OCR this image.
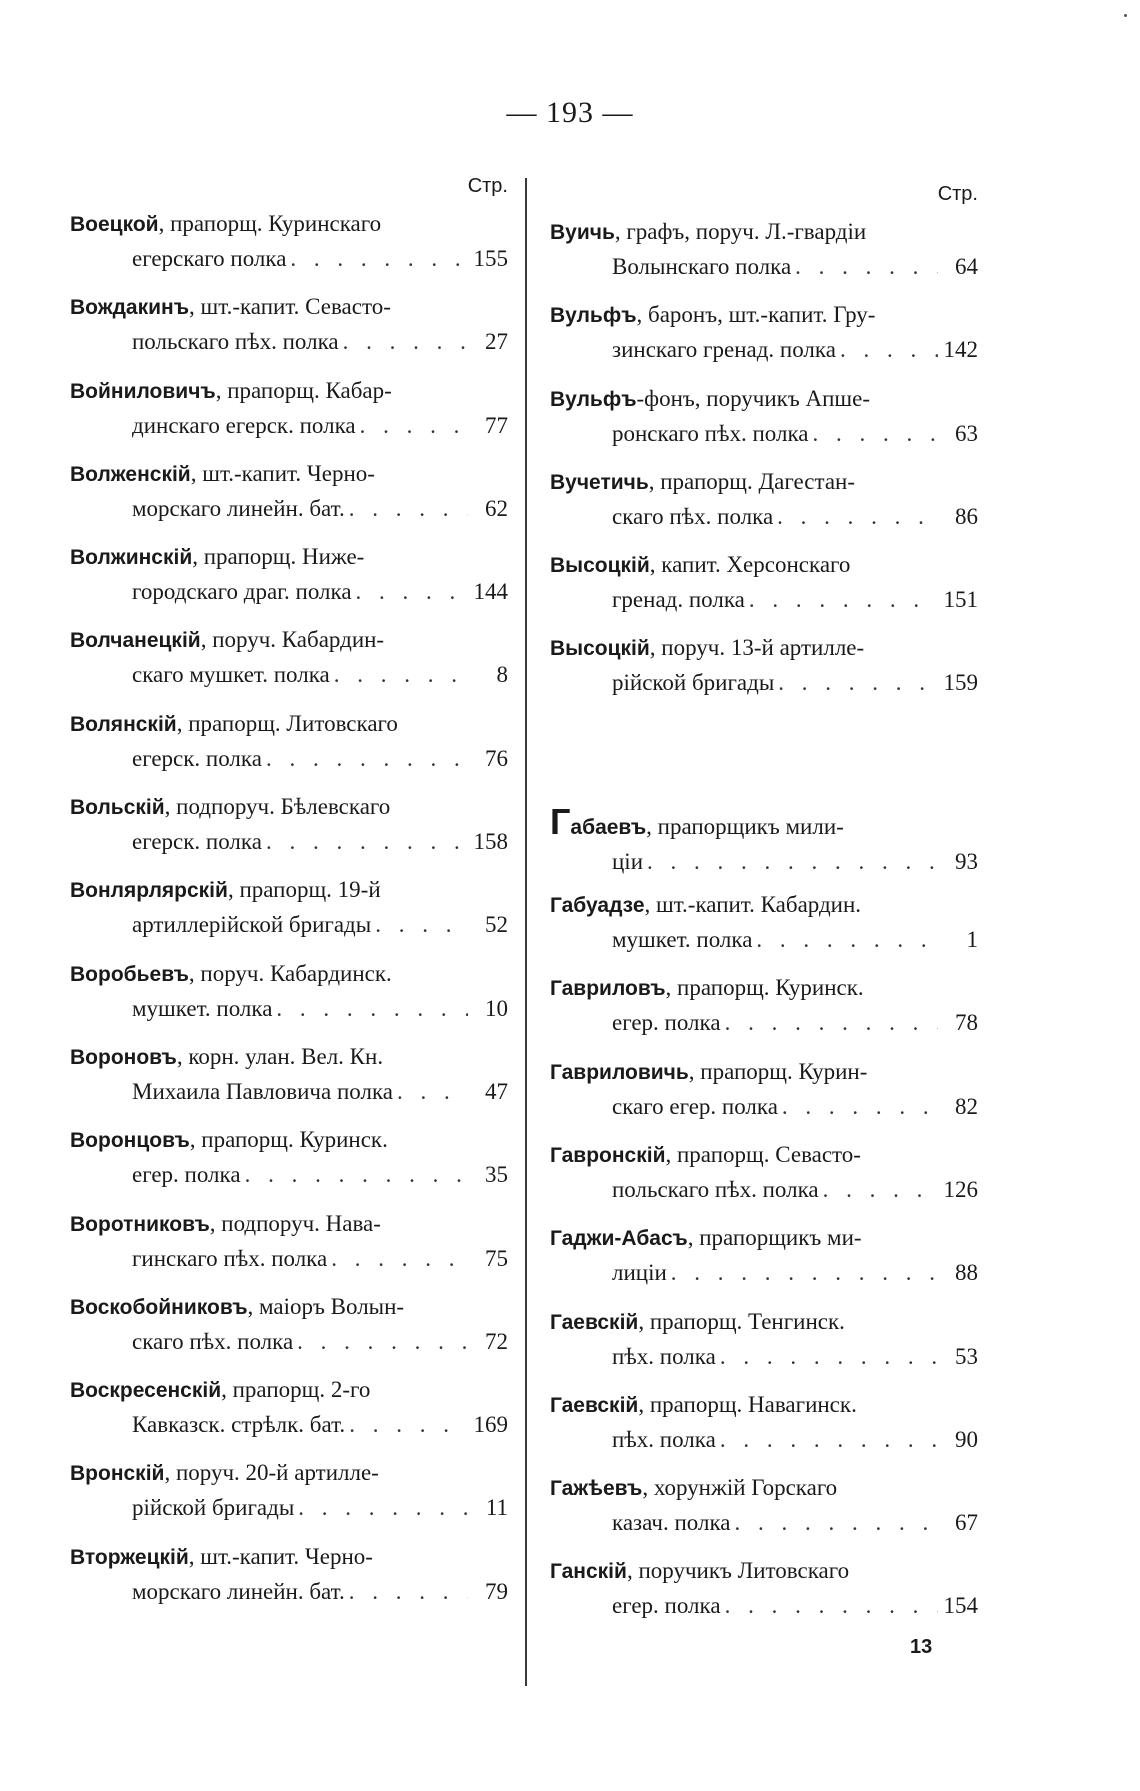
— 193 —
Стр.
Воецкой, прапорщ. Куринскаго
егерскаго полка . . .	155
Вождакинъ, шт.-капит. Севасто-
польскаго пѣх. полка . . .	27
Войниловичъ, прапорщ. Кабар-
динскаго егерск. полка . . .	77
Волженскій, шт.-капит. Черно-
морскаго линейн. бат. . . .	62
Волжинскій, прапорщ. Ниже-
городскаго драг. полка . . .	144
Волчанецкій, поруч. Кабардин-
скаго мушкет. полка . . .	8
Волянскій, прапорщ. Литовскаго
егерск. полка . . .	76
Вольскій, подпоруч. Бѣлевскаго
егерск. полка . . .	158
Вонлярлярскій, прапорщ. 19-й
артиллерійской бригады . . .	52
Воробьевъ, поруч. Кабардинск.
мушкет. полка . . .	10
Вороновъ, корн. улан. Вел. Кн.
Михаила Павловича полка . . .	47
Воронцовъ, прапорщ. Куринск.
егер. полка . . .	35
Воротниковъ, подпоруч. Нава-
гинскаго пѣх. полка . . .	75
Воскобойниковъ, маіоръ Волын-
скаго пѣх. полка . . .	72
Воскресенскій, прапорщ. 2-го
Кавказск. стрѣлк. бат. . . .	169
Вронскій, поруч. 20-й артилле-
рійской бригады . . .	11
Вторжецкій, шт.-капит. Черно-
морскаго линейн. бат. . . .	79
Стр.
Вуичь, графъ, поруч. Л.-гвардіи
Волынскаго полка . . .	64
Вульфъ, баронъ, шт.-капит. Гру-
зинскаго гренад. полка . . .	142
Вульфъ-фонъ, поручикъ Апше-
ронскаго пѣх. полка . . .	63
Вучетичь, прапорщ. Дагестан-
скаго пѣх. полка . . .	86
Высоцкій, капит. Херсонскаго
гренад. полка . . .	151
Высоцкій, поруч. 13-й артилле-
рійской бригады . . .	159
Габаевъ, прапорщикъ мили-
ціи . . .	93
Габуадзе, шт.-капит. Кабардин.
мушкет. полка . . .	1
Гавриловъ, прапорщ. Куринск.
егер. полка . . .	78
Гавриловичь, прапорщ. Курин-
скаго егер. полка . . .	82
Гавронскій, прапорщ. Севасто-
польскаго пѣх. полка . . .	126
Гаджи-Абасъ, прапорщикъ ми-
лиціи . . .	88
Гаевскій, прапорщ. Тенгинск.
пѣх. полка . . .	53
Гаевскій, прапорщ. Навагинск.
пѣх. полка . . .	90
Гажѣевъ, хорунжій Горскаго
казач. полка . . .	67
Ганскій, поручикъ Литовскаго
егер. полка . . .	154
13
